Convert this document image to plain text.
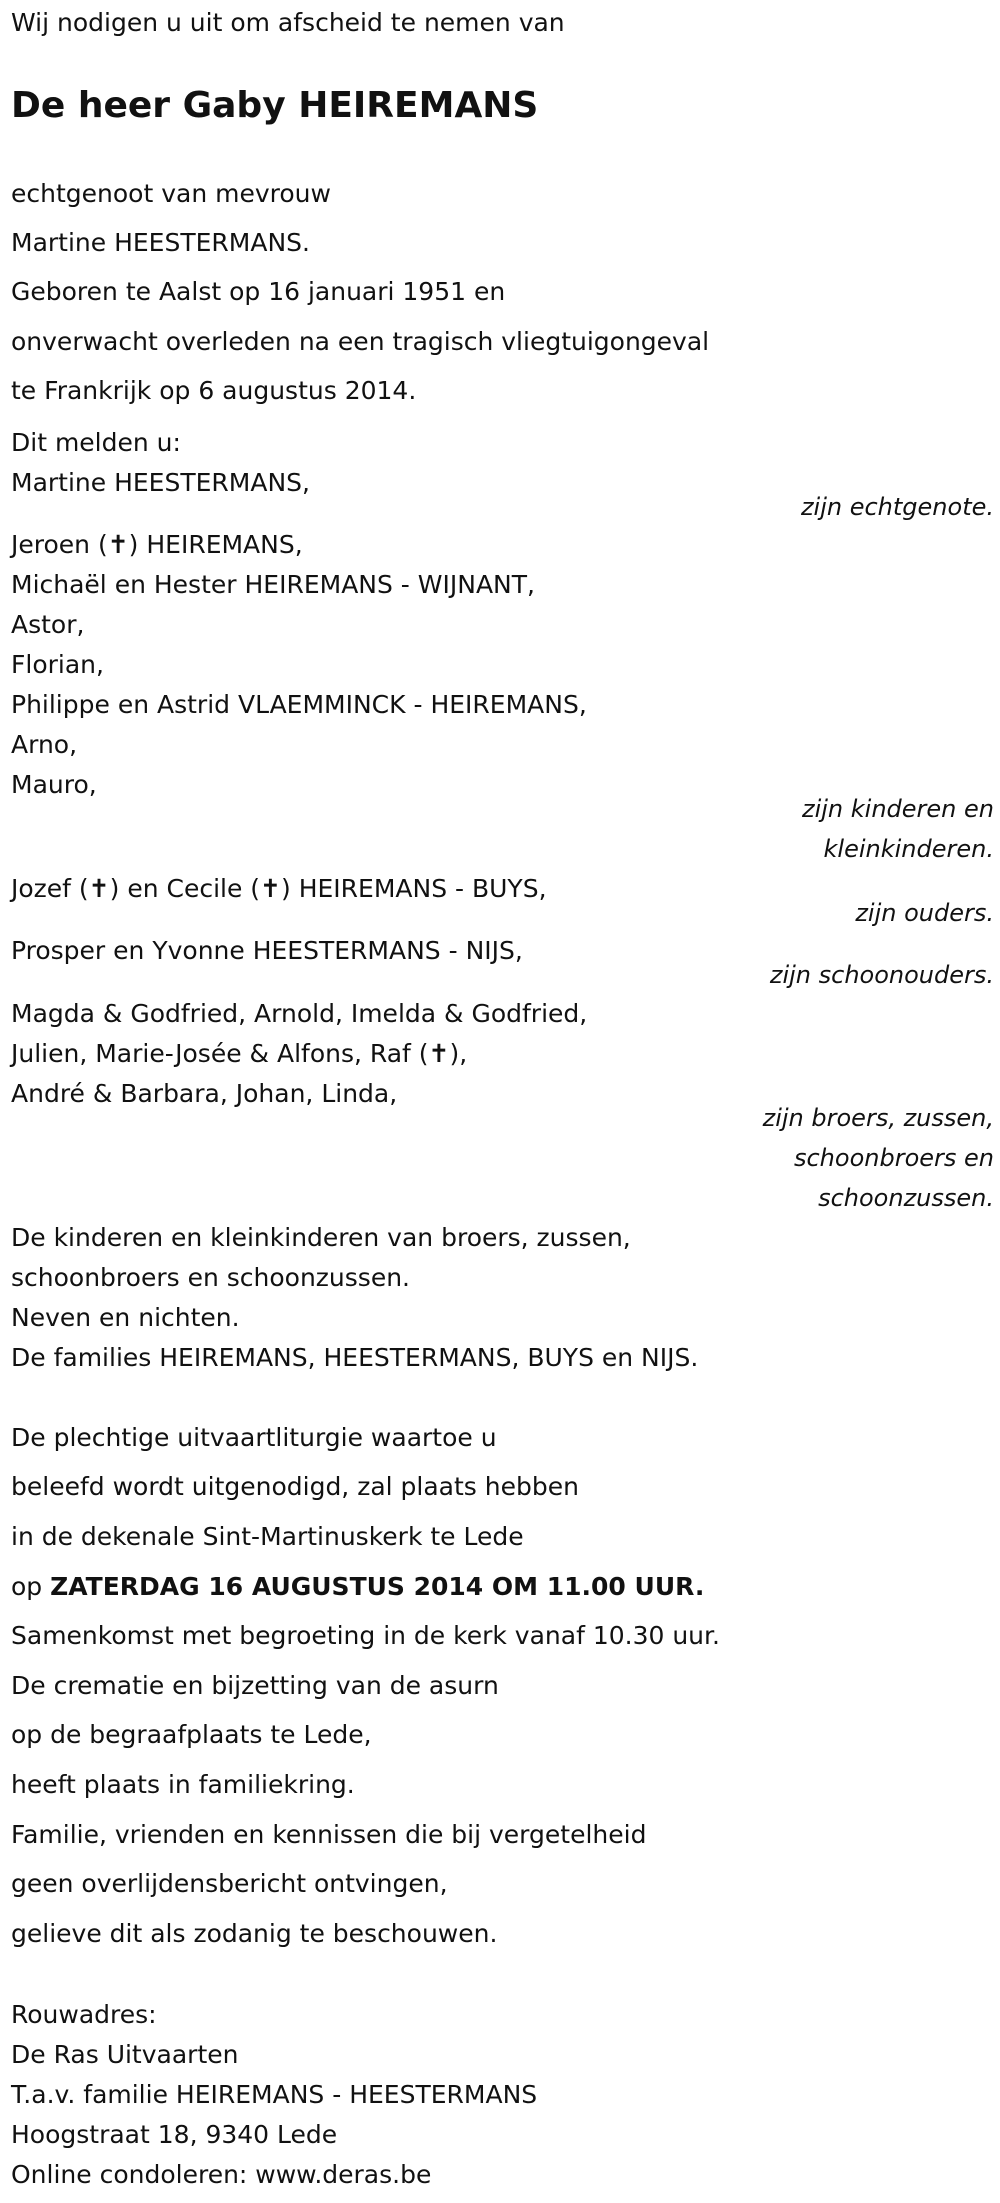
Wij nodigen u uit om afscheid te nemen van
De heer Gaby HEIREMANS
echtgenoot van mevrouw
Martine HEESTERMANS.
Geboren te Aalst op 16 januari 1951 en
onverwacht overleden na een tragisch vliegtuigongeval
te Frankrijk op 6 augustus 2014.
Dit melden u:
Martine HEESTERMANS,
zijn echtgenote.
Jeroen (✝) HEIREMANS,
Michaël en Hester HEIREMANS - WIJNANT,
Astor,
Florian,
Philippe en Astrid VLAEMMINCK - HEIREMANS,
Arno,
Mauro,
zijn kinderen en
kleinkinderen.
Jozef (✝) en Cecile (✝) HEIREMANS - BUYS,
zijn ouders.
Prosper en Yvonne HEESTERMANS - NIJS,
zijn schoonouders.
Magda & Godfried, Arnold, Imelda & Godfried,
Julien, Marie-Josée & Alfons, Raf (✝),
André & Barbara, Johan, Linda,
zijn broers, zussen,
schoonbroers en
schoonzussen.
De kinderen en kleinkinderen van broers, zussen,
schoonbroers en schoonzussen.
Neven en nichten.
De families HEIREMANS, HEESTERMANS, BUYS en NIJS.
De plechtige uitvaartliturgie waartoe u
beleefd wordt uitgenodigd, zal plaats hebben
in de dekenale Sint-Martinuskerk te Lede
op ZATERDAG 16 AUGUSTUS 2014 OM 11.00 UUR.
Samenkomst met begroeting in de kerk vanaf 10.30 uur.
De crematie en bijzetting van de asurn
op de begraafplaats te Lede,
heeft plaats in familiekring.
Familie, vrienden en kennissen die bij vergetelheid
geen overlijdensbericht ontvingen,
gelieve dit als zodanig te beschouwen.
Rouwadres:
De Ras Uitvaarten
T.a.v. familie HEIREMANS - HEESTERMANS
Hoogstraat 18, 9340 Lede
Online condoleren: www.deras.be
